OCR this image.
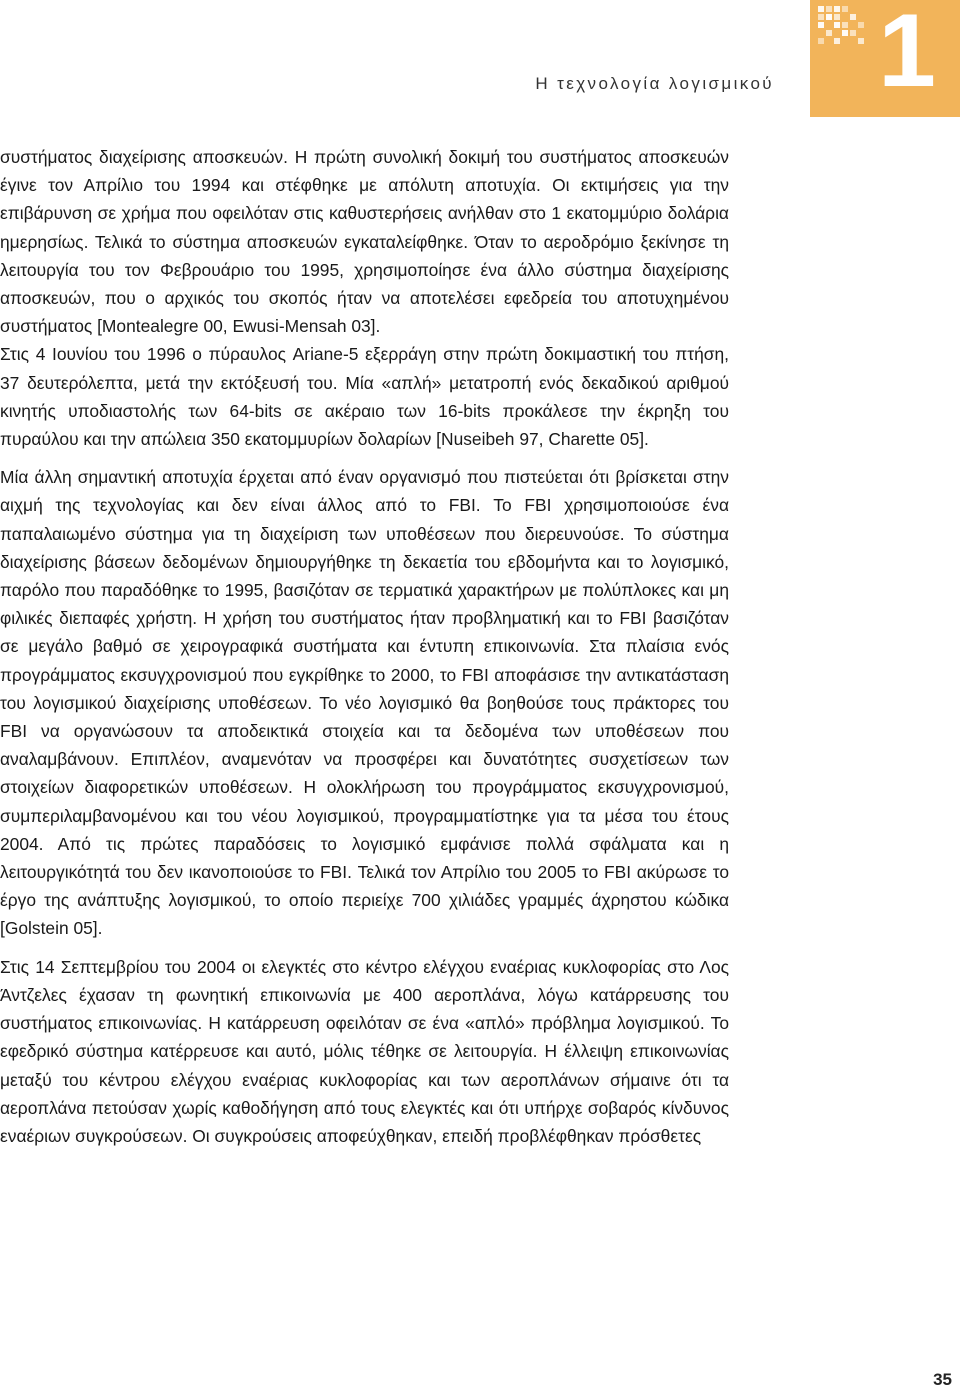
Η τεχνολογία λογισμικού 1

συστήματος διαχείρισης αποσκευών. Η πρώτη συνολική δοκιμή του συστήματος αποσκευών έγινε τον Απρίλιο του 1994 και στέφθηκε με απόλυτη αποτυχία. Οι εκτιμήσεις για την επιβάρυνση σε χρήμα που οφειλόταν στις καθυστερήσεις ανήλθαν στο 1 εκατομμύριο δολάρια ημερησίως. Τελικά το σύστημα αποσκευών εγκαταλείφθηκε. Όταν το αεροδρόμιο ξεκίνησε τη λειτουργία του τον Φεβρουάριο του 1995, χρησιμοποίησε ένα άλλο σύστημα διαχείρισης αποσκευών, που ο αρχικός του σκοπός ήταν να αποτελέσει εφεδρεία του αποτυχημένου συστήματος [Montealegre 00, Ewusi-Mensah 03].

Στις 4 Ιουνίου του 1996 ο πύραυλος Ariane-5 εξερράγη στην πρώτη δοκιμαστική του πτήση, 37 δευτερόλεπτα, μετά την εκτόξευσή του. Μία «απλή» μετατροπή ενός δεκαδικού αριθμού κινητής υποδιαστολής των 64-bits σε ακέραιο των 16-bits προκάλεσε την έκρηξη του πυραύλου και την απώλεια 350 εκατομμυρίων δολαρίων [Nuseibeh 97, Charette 05].

Μία άλλη σημαντική αποτυχία έρχεται από έναν οργανισμό που πιστεύεται ότι βρίσκεται στην αιχμή της τεχνολογίας και δεν είναι άλλος από το FBI. Το FBI χρησιμοποιούσε ένα παπαλαιωμένο σύστημα για τη διαχείριση των υποθέσεων που διερευνούσε. Το σύστημα διαχείρισης βάσεων δεδομένων δημιουργήθηκε τη δεκαετία του εβδομήντα και το λογισμικό, παρόλο που παραδόθηκε το 1995, βασιζόταν σε τερματικά χαρακτήρων με πολύπλοκες και μη φιλικές διεπαφές χρήστη. Η χρήση του συστήματος ήταν προβληματική και το FBI βασιζόταν σε μεγάλο βαθμό σε χειρογραφικά συστήματα και έντυπη επικοινωνία. Στα πλαίσια ενός προγράμματος εκσυγχρονισμού που εγκρίθηκε το 2000, το FBI αποφάσισε την αντικατάσταση του λογισμικού διαχείρισης υποθέσεων. Το νέο λογισμικό θα βοηθούσε τους πράκτορες του FBI να οργανώσουν τα αποδεικτικά στοιχεία και τα δεδομένα των υποθέσεων που αναλαμβάνουν. Επιπλέον, αναμενόταν να προσφέρει και δυνατότητες συσχετίσεων των στοιχείων διαφορετικών υποθέσεων. Η ολοκλήρωση του προγράμματος εκσυγχρονισμού, συμπεριλαμβανομένου και του νέου λογισμικού, προγραμματίστηκε για τα μέσα του έτους 2004. Από τις πρώτες παραδόσεις το λογισμικό εμφάνισε πολλά σφάλματα και η λειτουργικότητά του δεν ικανοποιούσε το FBI. Τελικά τον Απρίλιο του 2005 το FBI ακύρωσε το έργο της ανάπτυξης λογισμικού, το οποίο περιείχε 700 χιλιάδες γραμμές άχρηστου κώδικα [Golstein 05].

Στις 14 Σεπτεμβρίου του 2004 οι ελεγκτές στο κέντρο ελέγχου εναέριας κυκλοφορίας στο Λος Άντζελες έχασαν τη φωνητική επικοινωνία με 400 αεροπλάνα, λόγω κατάρρευσης του συστήματος επικοινωνίας. Η κατάρρευση οφειλόταν σε ένα «απλό» πρόβλημα λογισμικού. Το εφεδρικό σύστημα κατέρρευσε και αυτό, μόλις τέθηκε σε λειτουργία. Η έλλειψη επικοινωνίας μεταξύ του κέντρου ελέγχου εναέριας κυκλοφορίας και των αεροπλάνων σήμαινε ότι τα αεροπλάνα πετούσαν χωρίς καθοδήγηση από τους ελεγκτές και ότι υπήρχε σοβαρός κίνδυνος εναέριων συγκρούσεων. Οι συγκρούσεις αποφεύχθηκαν, επειδή προβλέφθηκαν πρόσθετες

35
